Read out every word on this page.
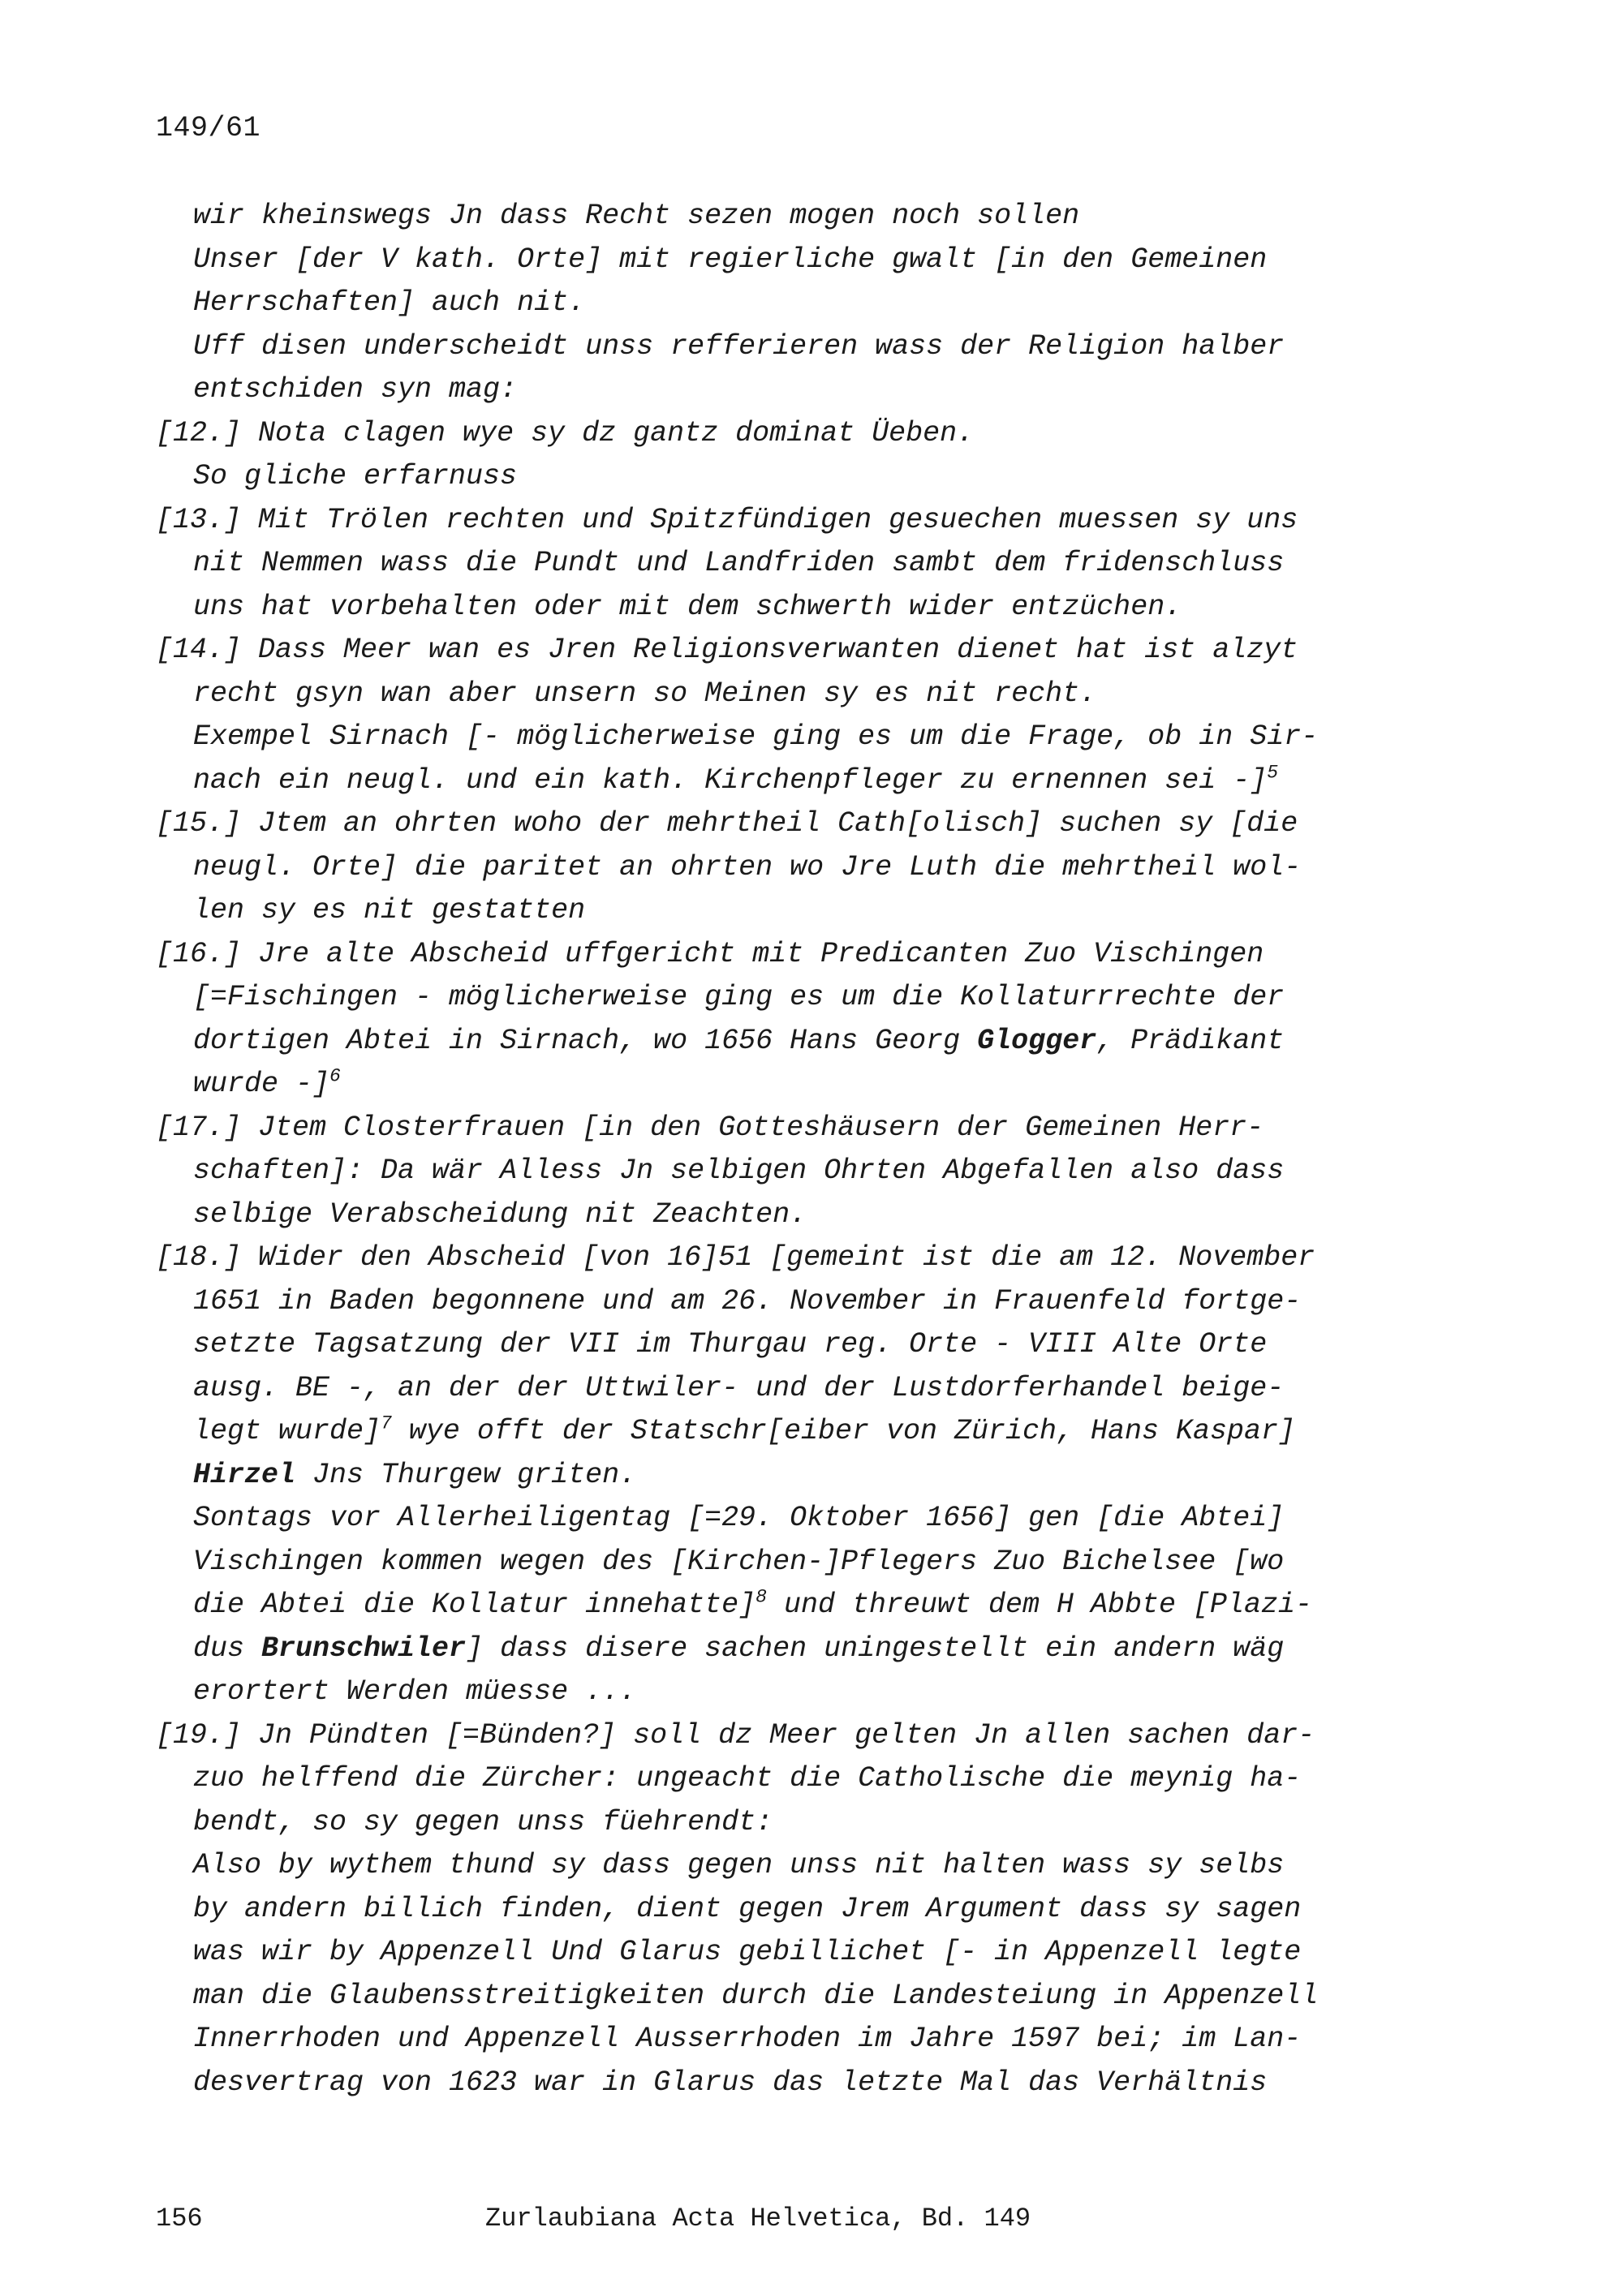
149/61
wir kheinswegs Jn dass Recht sezen mogen noch sollen
Unser [der V kath. Orte] mit regierliche gwalt [in den Gemeinen
Herrschaften] auch nit.
Uff disen underscheidt unss refferieren wass der Religion halber
entschiden syn mag:
[12.] Nota clagen wye sy dz gantz dominat Üeben.
So gliche erfarnuss
[13.] Mit Trölen rechten und Spitzfündigen gesuechen muessen sy uns
nit Nemmen wass die Pundt und Landfriden sambt dem fridenschluss
uns hat vorbehalten oder mit dem schwerth wider entzüchen.
[14.] Dass Meer wan es Jren Religionsverwanten dienet hat ist alzyt
recht gsyn wan aber unsern so Meinen sy es nit recht.
Exempel Sirnach [- möglicherweise ging es um die Frage, ob in Sir-
nach ein neugl. und ein kath. Kirchenpfleger zu ernennen sei -]$^5$
[15.] Jtem an ohrten woho der mehrtheil Cath[olisch] suchen sy [die
neugl. Orte] die paritet an ohrten wo Jre Luth die mehrtheil wol-
len sy es nit gestatten
[16.] Jre alte Abscheid uffgericht mit Predicanten Zuo Vischingen
[=Fischingen - möglicherweise ging es um die Kollaturrrechte der
dortigen Abtei in Sirnach, wo 1656 Hans Georg Glogger, Prädikant
wurde -]$^6$
[17.] Jtem Closterfrauen [in den Gotteshäusern der Gemeinen Herr-
schaften]: Da wär Alless Jn selbigen Ohrten Abgefallen also dass
selbige Verabscheidung nit Zeachten.
[18.] Wider den Abscheid [von 16]51 [gemeint ist die am 12. November
1651 in Baden begonnene und am 26. November in Frauenfeld fortge-
setzte Tagsatzung der VII im Thurgau reg. Orte - VIII Alte Orte
ausg. BE -, an der der Uttwiler- und der Lustdorferhandel beige-
legt wurde]$^7$ wye offt der Statschr[eiber von Zürich, Hans Kaspar]
Hirzel Jns Thurgew griten.
Sontags vor Allerheiligentag [=29. Oktober 1656] gen [die Abtei]
Vischingen kommen wegen des [Kirchen-]Pflegers Zuo Bichelsee [wo
die Abtei die Kollatur innehatte]$^8$ und threuwt dem H Abbte [Plazi-
dus Brunschwiler] dass disere sachen uningestellt ein andern wäg
erortert Werden müesse ...
[19.] Jn Pündten [=Bünden?] soll dz Meer gelten Jn allen sachen dar-
zuo helffend die Zürcher: ungeacht die Catholische die meynig ha-
bendt, so sy gegen unss füehrendt:
Also by wythem thund sy dass gegen unss nit halten wass sy selbs
by andern billich finden, dient gegen Jrem Argument dass sy sagen
was wir by Appenzell Und Glarus gebillichet [- in Appenzell legte
man die Glaubensstreitigkeiten durch die Landesteiung in Appenzell
Innerrhoden und Appenzell Ausserrhoden im Jahre 1597 bei; im Lan-
desvertrag von 1623 war in Glarus das letzte Mal das Verhältnis
156	Zurlaubiana Acta Helvetica, Bd. 149
